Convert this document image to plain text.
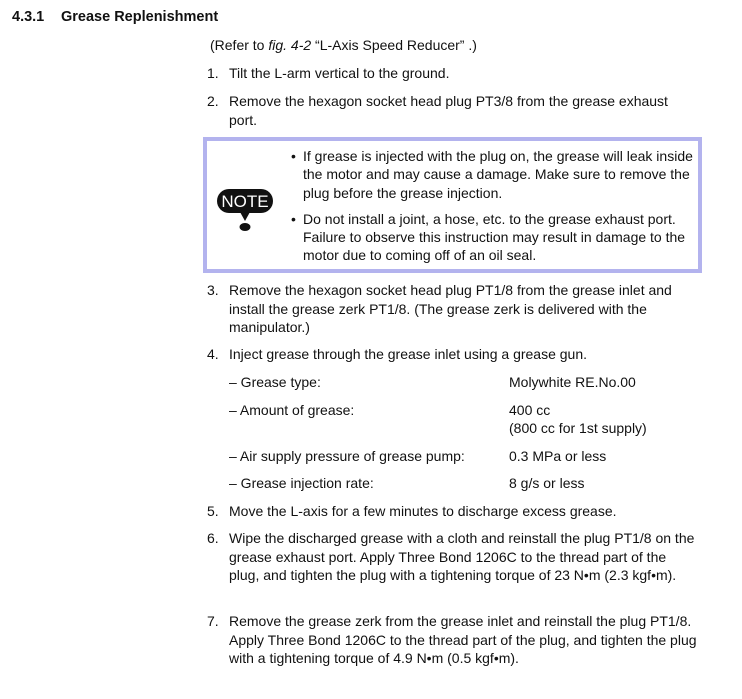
4.3.1 Grease Replenishment
(Refer to fig. 4-2 “L-Axis Speed Reducer” .)
1. Tilt the L-arm vertical to the ground.
2. Remove the hexagon socket head plug PT3/8 from the grease exhaust port.
NOTE
• If grease is injected with the plug on, the grease will leak inside the motor and may cause a damage. Make sure to remove the plug before the grease injection.
• Do not install a joint, a hose, etc. to the grease exhaust port. Failure to observe this instruction may result in damage to the motor due to coming off of an oil seal.
3. Remove the hexagon socket head plug PT1/8 from the grease inlet and install the grease zerk PT1/8. (The grease zerk is delivered with the manipulator.)
4. Inject grease through the grease inlet using a grease gun.
– Grease type:	Molywhite RE.No.00
– Amount of grease:	400 cc
(800 cc for 1st supply)
– Air supply pressure of grease pump:	0.3 MPa or less
– Grease injection rate:	8 g/s or less
5. Move the L-axis for a few minutes to discharge excess grease.
6. Wipe the discharged grease with a cloth and reinstall the plug PT1/8 on the grease exhaust port. Apply Three Bond 1206C to the thread part of the plug, and tighten the plug with a tightening torque of 23 N•m (2.3 kgf•m).
7. Remove the grease zerk from the grease inlet and reinstall the plug PT1/8. Apply Three Bond 1206C to the thread part of the plug, and tighten the plug with a tightening torque of 4.9 N•m (0.5 kgf•m).
